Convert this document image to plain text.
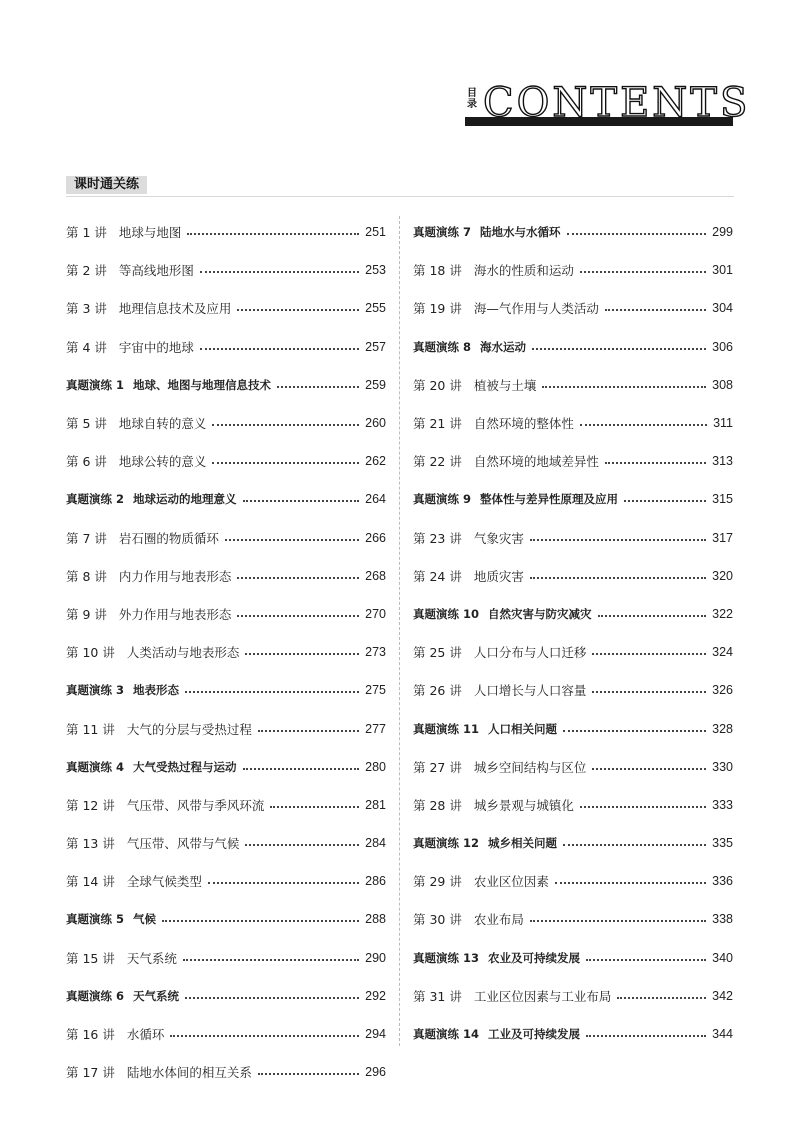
目录 CONTENTS
课时通关练
第 1 讲 地球与地图	251
第 2 讲 等高线地形图	253
第 3 讲 地理信息技术及应用	255
第 4 讲 宇宙中的地球	257
真题演练 1 地球、地图与地理信息技术	259
第 5 讲 地球自转的意义	260
第 6 讲 地球公转的意义	262
真题演练 2 地球运动的地理意义	264
第 7 讲 岩石圈的物质循环	266
第 8 讲 内力作用与地表形态	268
第 9 讲 外力作用与地表形态	270
第 10 讲 人类活动与地表形态	273
真题演练 3 地表形态	275
第 11 讲 大气的分层与受热过程	277
真题演练 4 大气受热过程与运动	280
第 12 讲 气压带、风带与季风环流	281
第 13 讲 气压带、风带与气候	284
第 14 讲 全球气候类型	286
真题演练 5 气候	288
第 15 讲 天气系统	290
真题演练 6 天气系统	292
第 16 讲 水循环	294
第 17 讲 陆地水体间的相互关系	296
真题演练 7 陆地水与水循环	299
第 18 讲 海水的性质和运动	301
第 19 讲 海—气作用与人类活动	304
真题演练 8 海水运动	306
第 20 讲 植被与土壤	308
第 21 讲 自然环境的整体性	311
第 22 讲 自然环境的地域差异性	313
真题演练 9 整体性与差异性原理及应用	315
第 23 讲 气象灾害	317
第 24 讲 地质灾害	320
真题演练 10 自然灾害与防灾减灾	322
第 25 讲 人口分布与人口迁移	324
第 26 讲 人口增长与人口容量	326
真题演练 11 人口相关问题	328
第 27 讲 城乡空间结构与区位	330
第 28 讲 城乡景观与城镇化	333
真题演练 12 城乡相关问题	335
第 29 讲 农业区位因素	336
第 30 讲 农业布局	338
真题演练 13 农业及可持续发展	340
第 31 讲 工业区位因素与工业布局	342
真题演练 14 工业及可持续发展	344
